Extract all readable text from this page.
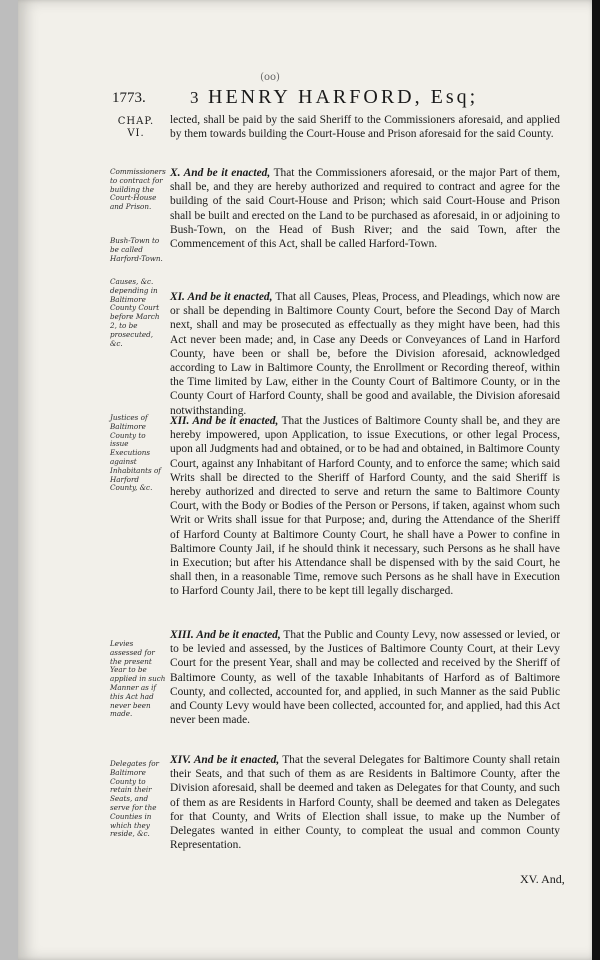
(oo)
1773.	3 HENRY HARFORD, Esq;
CHAP. VI.
lected, shall be paid by the said Sheriff to the Commissioners aforesaid, and applied by them towards building the Court-House and Prison aforesaid for the said County.
X. And be it enacted, That the Commissioners aforesaid, or the major Part of them, shall be, and they are hereby authorized and required to contract and agree for the building of the said Court-House and Prison; which said Court-House and Prison shall be built and erected on the Land to be purchased as aforesaid, in or adjoining to Bush-Town, on the Head of Bush River; and the said Town, after the Commencement of this Act, shall be called Harford-Town.
XI. And be it enacted, That all Causes, Pleas, Process, and Pleadings, which now are or shall be depending in Baltimore County Court, before the Second Day of March next, shall and may be prosecuted as effectually as they might have been, had this Act never been made; and, in Case any Deeds or Conveyances of Land in Harford County, have been or shall be, before the Division aforesaid, acknowledged according to Law in Baltimore County, the Enrollment or Recording thereof, within the Time limited by Law, either in the County Court of Baltimore County, or in the County Court of Harford County, shall be good and available, the Division aforesaid notwithstanding.
XII. And be it enacted, That the Justices of Baltimore County shall be, and they are hereby impowered, upon Application, to issue Executions, or other legal Process, upon all Judgments had and obtained, or to be had and obtained, in Baltimore County Court, against any Inhabitant of Harford County, and to enforce the same; which said Writs shall be directed to the Sheriff of Harford County, and the said Sheriff is hereby authorized and directed to serve and return the same to Baltimore County Court, with the Body or Bodies of the Person or Persons, if taken, against whom such Writ or Writs shall issue for that Purpose; and, during the Attendance of the Sheriff of Harford County at Baltimore County Court, he shall have a Power to confine in Baltimore County Jail, if he should think it necessary, such Persons as he shall have in Execution; but after his Attendance shall be dispensed with by the said Court, he shall then, in a reasonable Time, remove such Persons as he shall have in Execution to Harford County Jail, there to be kept till legally discharged.
XIII. And be it enacted, That the Public and County Levy, now assessed or levied, or to be levied and assessed, by the Justices of Baltimore County Court, at their Levy Court for the present Year, shall and may be collected and received by the Sheriff of Baltimore County, as well of the taxable Inhabitants of Harford as of Baltimore County, and collected, accounted for, and applied, in such Manner as the said Public and County Levy would have been collected, accounted for, and applied, had this Act never been made.
XIV. And be it enacted, That the several Delegates for Baltimore County shall retain their Seats, and that such of them as are Residents in Baltimore County, after the Division aforesaid, shall be deemed and taken as Delegates for that County, and such of them as are Residents in Harford County, shall be deemed and taken as Delegates for that County, and Writs of Election shall issue, to make up the Number of Delegates wanted in either County, to compleat the usual and common County Representation.
Commissioners to contract for building the Court-House and Prison.
Bush-Town to be called Harford-Town.
Causes, &c. depending in Baltimore County Court before March 2, to be prosecuted, &c.
Justices of Baltimore County to issue Executions against Inhabitants of Harford County, &c.
Levies assessed for the present Year to be applied in such Manner as if this Act had never been made.
Delegates for Baltimore County to retain their Seats, and serve for the Counties in which they reside, &c.
XV. And,
